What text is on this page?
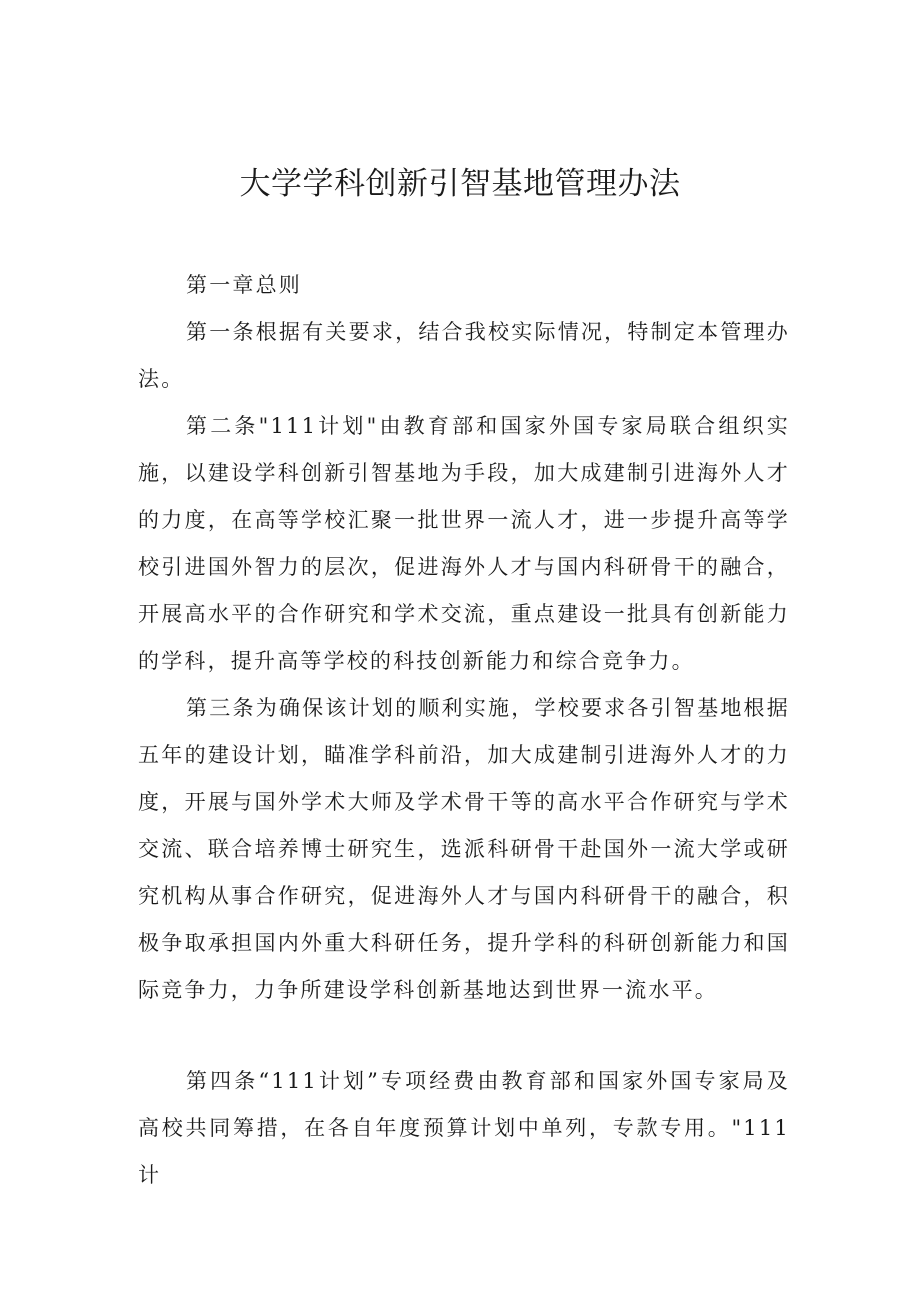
大学学科创新引智基地管理办法

第一章总则

第一条根据有关要求，结合我校实际情况，特制定本管理办法。

第二条"111计划"由教育部和国家外国专家局联合组织实施，以建设学科创新引智基地为手段，加大成建制引进海外人才的力度，在高等学校汇聚一批世界一流人才，进一步提升高等学校引进国外智力的层次，促进海外人才与国内科研骨干的融合，开展高水平的合作研究和学术交流，重点建设一批具有创新能力的学科，提升高等学校的科技创新能力和综合竞争力。

第三条为确保该计划的顺利实施，学校要求各引智基地根据五年的建设计划，瞄准学科前沿，加大成建制引进海外人才的力度，开展与国外学术大师及学术骨干等的高水平合作研究与学术交流、联合培养博士研究生，选派科研骨干赴国外一流大学或研究机构从事合作研究，促进海外人才与国内科研骨干的融合，积极争取承担国内外重大科研任务，提升学科的科研创新能力和国际竞争力，力争所建设学科创新基地达到世界一流水平。

第四条“111计划”专项经费由教育部和国家外国专家局及高校共同筹措，在各自年度预算计划中单列，专款专用。"111计
